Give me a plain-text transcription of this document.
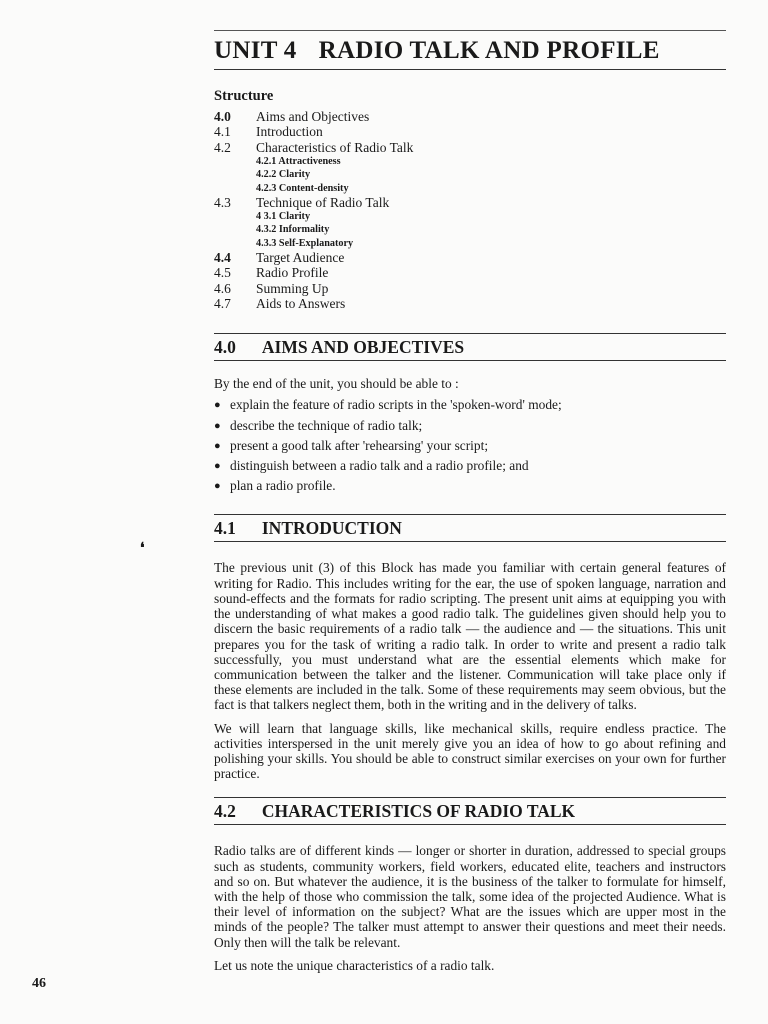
UNIT 4 RADIO TALK AND PROFILE
Structure
4.0	Aims and Objectives
4.1	Introduction
4.2	Characteristics of Radio Talk
4.2.1 Attractiveness
4.2.2 Clarity
4.2.3 Content-density
4.3	Technique of Radio Talk
4 3.1 Clarity
4.3.2 Informality
4.3.3 Self-Explanatory
4.4	Target Audience
4.5	Radio Profile
4.6	Summing Up
4.7	Aids to Answers
4.0 AIMS AND OBJECTIVES
By the end of the unit, you should be able to :
● explain the feature of radio scripts in the 'spoken-word' mode;
● describe the technique of radio talk;
● present a good talk after 'rehearsing' your script;
● distinguish between a radio talk and a radio profile; and
● plan a radio profile.
4.1 INTRODUCTION

The previous unit (3) of this Block has made you familiar with certain general features of writing for Radio. This includes writing for the ear, the use of spoken language, narration and sound-effects and the formats for radio scripting. The present unit aims at equipping you with the understanding of what makes a good radio talk. The guidelines given should help you to discern the basic requirements of a radio talk — the audience and — the situations. This unit prepares you for the task of writing a radio talk. In order to write and present a radio talk successfully, you must understand what are the essential elements which make for communication between the talker and the listener. Communication will take place only if these elements are included in the talk. Some of these requirements may seem obvious, but the fact is that talkers neglect them, both in the writing and in the delivery of talks.

We will learn that language skills, like mechanical skills, require endless practice. The activities interspersed in the unit merely give you an idea of how to go about refining and polishing your skills. You should be able to construct similar exercises on your own for further practice.

4.2 CHARACTERISTICS OF RADIO TALK

Radio talks are of different kinds — longer or shorter in duration, addressed to special groups such as students, community workers, field workers, educated elite, teachers and instructors and so on. But whatever the audience, it is the business of the talker to formulate for himself, with the help of those who commission the talk, some idea of the projected Audience. What is their level of information on the subject? What are the issues which are upper most in the minds of the people? The talker must attempt to answer their questions and meet their needs. Only then will the talk be relevant.

Let us note the unique characteristics of a radio talk.

❛
46
